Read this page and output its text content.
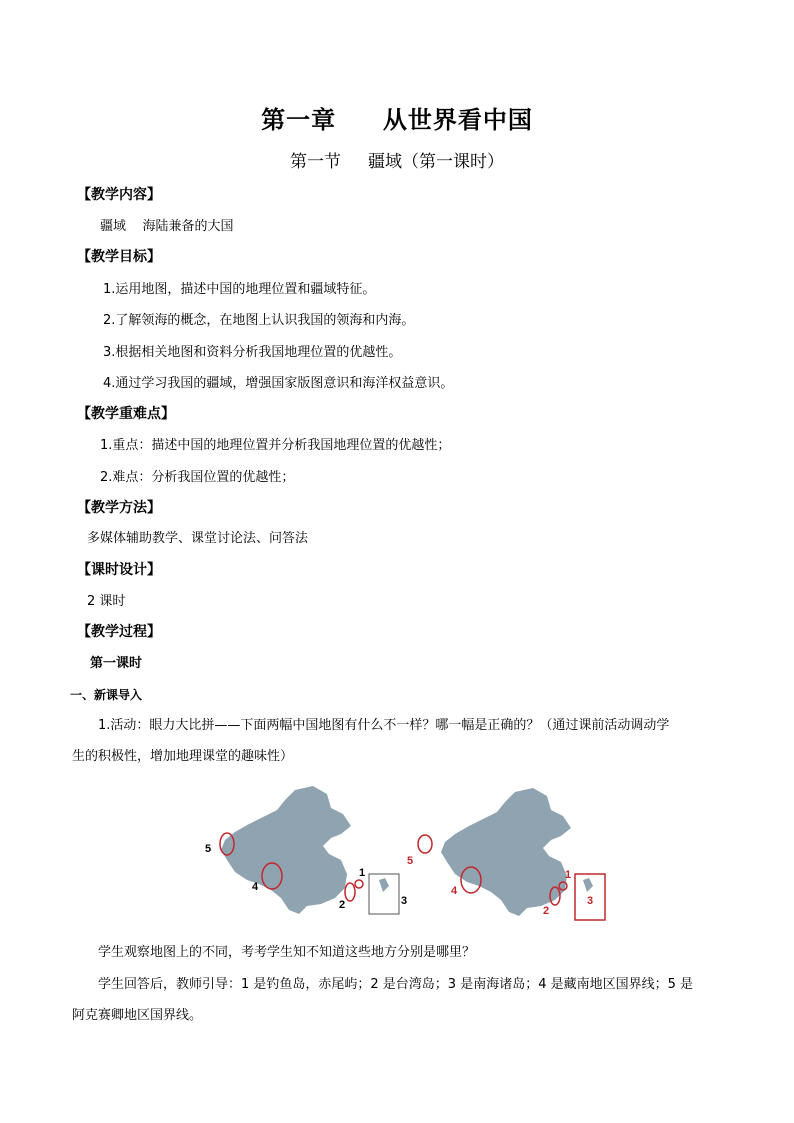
第一章     从世界看中国
第一节     疆域（第一课时）
【教学内容】
疆域    海陆兼备的大国
【教学目标】
1.运用地图，描述中国的地理位置和疆域特征。
2.了解领海的概念，在地图上认识我国的领海和内海。
3.根据相关地图和资料分析我国地理位置的优越性。
4.通过学习我国的疆域，增强国家版图意识和海洋权益意识。
【教学重难点】
1.重点：描述中国的地理位置并分析我国地理位置的优越性；
2.难点：分析我国位置的优越性；
【教学方法】
多媒体辅助教学、课堂讨论法、问答法
【课时设计】
2 课时
【教学过程】
第一课时
一、新课导入
1.活动：眼力大比拼——下面两幅中国地图有什么不一样？哪一幅是正确的？（通过课前活动调动学
生的积极性，增加地理课堂的趣味性）
5
4
2
1
3
5
4
2
1
3
学生观察地图上的不同，考考学生知不知道这些地方分别是哪里？
学生回答后，教师引导：1 是钓鱼岛，赤尾屿；2 是台湾岛；3 是南海诸岛；4 是藏南地区国界线；5 是
阿克赛卿地区国界线。
